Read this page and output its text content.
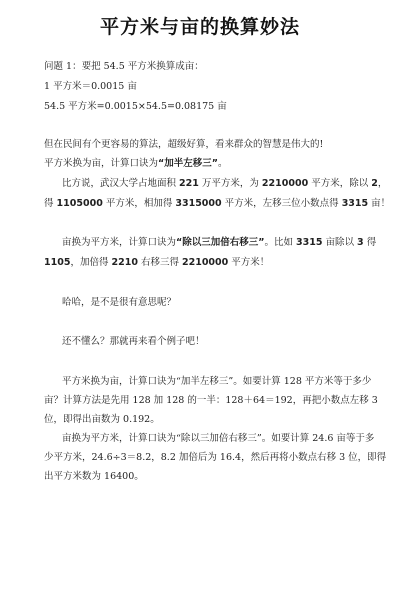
平方米与亩的换算妙法
问题 1：要把 54.5 平方米换算成亩：
1 平方米＝0.0015 亩
54.5 平方米=0.0015×54.5=0.08175 亩
但在民间有个更容易的算法，超级好算，看来群众的智慧是伟大的!
平方米换为亩，计算口诀为“加半左移三”。
比方说，武汉大学占地面积 221 万平方米，为 2210000 平方米，除以 2，
得 1105000 平方米，相加得 3315000 平方米，左移三位小数点得 3315 亩！
亩换为平方米，计算口诀为“除以三加倍右移三”。比如 3315 亩除以 3 得
1105，加倍得 2210 右移三得 2210000 平方米！
哈哈，是不是很有意思呢？
还不懂么？那就再来看个例子吧！
平方米换为亩，计算口诀为“加半左移三”。如要计算 128 平方米等于多少
亩？计算方法是先用 128 加 128 的一半：128＋64＝192，再把小数点左移 3
位，即得出亩数为 0.192。
亩换为平方米，计算口诀为“除以三加倍右移三”。如要计算 24.6 亩等于多
少平方米，24.6÷3＝8.2，8.2 加倍后为 16.4，然后再将小数点右移 3 位，即得
出平方米数为 16400。
